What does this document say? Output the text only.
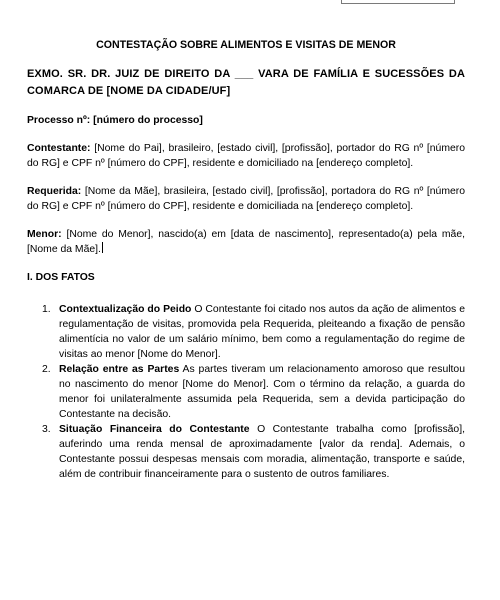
CONTESTAÇÃO SOBRE ALIMENTOS E VISITAS DE MENOR
EXMO. SR. DR. JUIZ DE DIREITO DA ___ VARA DE FAMÍLIA E SUCESSÕES DA COMARCA DE [NOME DA CIDADE/UF]
Processo nº: [número do processo]
Contestante: [Nome do Pai], brasileiro, [estado civil], [profissão], portador do RG nº [número do RG] e CPF nº [número do CPF], residente e domiciliado na [endereço completo].
Requerida: [Nome da Mãe], brasileira, [estado civil], [profissão], portadora do RG nº [número do RG] e CPF nº [número do CPF], residente e domiciliada na [endereço completo].
Menor: [Nome do Menor], nascido(a) em [data de nascimento], representado(a) pela mãe, [Nome da Mãe].
I. DOS FATOS
1. Contextualização do Peido O Contestante foi citado nos autos da ação de alimentos e regulamentação de visitas, promovida pela Requerida, pleiteando a fixação de pensão alimentícia no valor de um salário mínimo, bem como a regulamentação do regime de visitas ao menor [Nome do Menor].
2. Relação entre as Partes As partes tiveram um relacionamento amoroso que resultou no nascimento do menor [Nome do Menor]. Com o término da relação, a guarda do menor foi unilateralmente assumida pela Requerida, sem a devida participação do Contestante na decisão.
3. Situação Financeira do Contestante O Contestante trabalha como [profissão], auferindo uma renda mensal de aproximadamente [valor da renda]. Ademais, o Contestante possui despesas mensais com moradia, alimentação, transporte e saúde, além de contribuir financeiramente para o sustento de outros familiares.
